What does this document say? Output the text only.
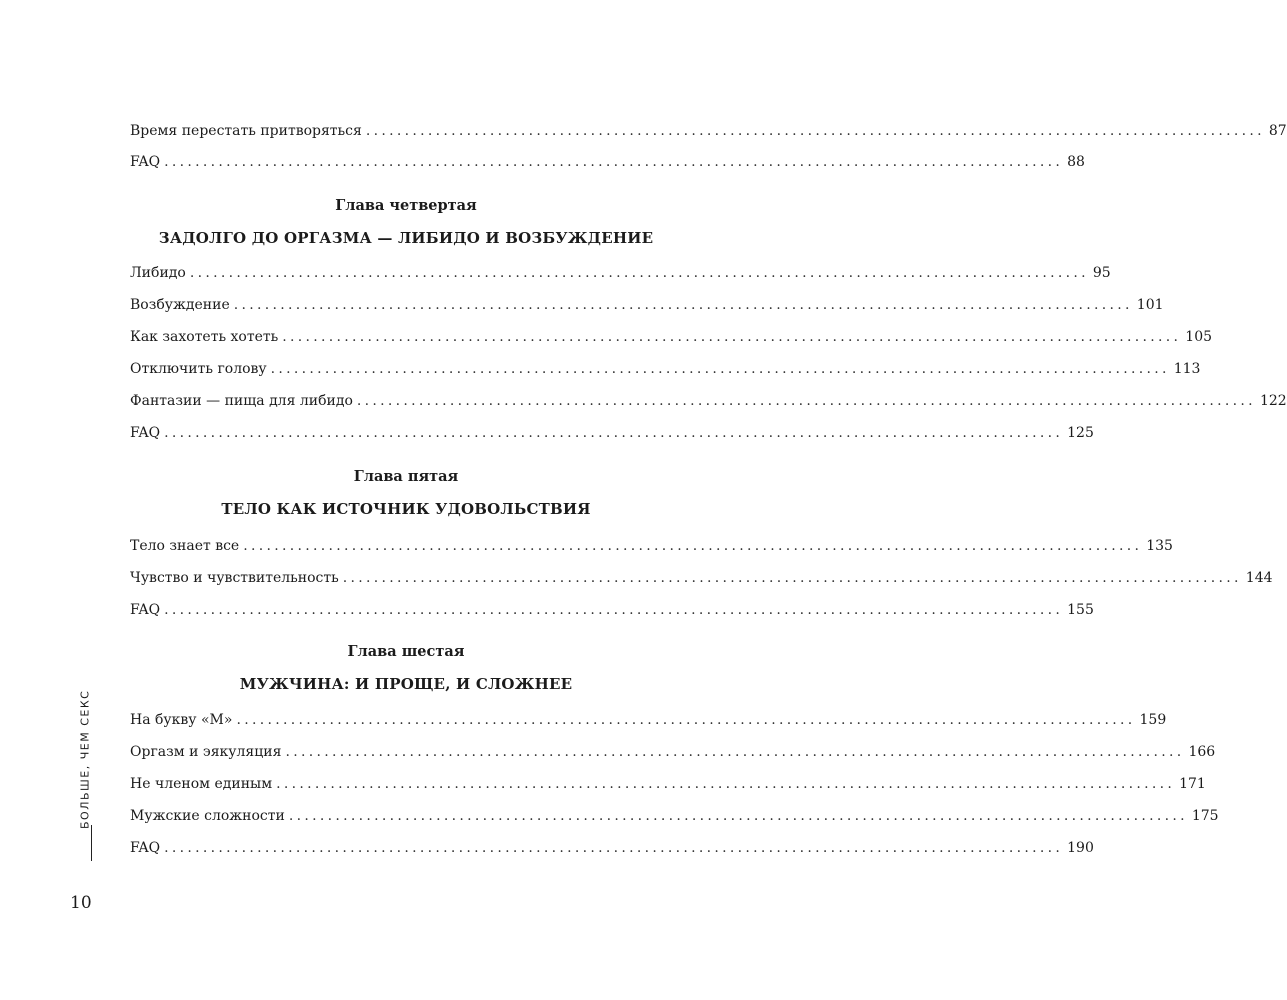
Время перестать притворяться .................................................................................................................... 87
FAQ .................................................................................................................... 88
Глава четвертая
ЗАДОЛГО ДО ОРГАЗМА — ЛИБИДО И ВОЗБУЖДЕНИЕ
Либидо .................................................................................................................... 95
Возбуждение .................................................................................................................... 101
Как захотеть хотеть .................................................................................................................... 105
Отключить голову .................................................................................................................... 113
Фантазии — пища для либидо .................................................................................................................... 122
FAQ .................................................................................................................... 125
Глава пятая
ТЕЛО КАК ИСТОЧНИК УДОВОЛЬСТВИЯ
Тело знает все .................................................................................................................... 135
Чувство и чувствительность .................................................................................................................... 144
FAQ .................................................................................................................... 155
Глава шестая
МУЖЧИНА: И ПРОЩЕ, И СЛОЖНЕЕ
На букву «М» .................................................................................................................... 159
Оргазм и эякуляция .................................................................................................................... 166
Не членом единым .................................................................................................................... 171
Мужские сложности .................................................................................................................... 175
FAQ .................................................................................................................... 190
БОЛЬШЕ, ЧЕМ СЕКС
10
